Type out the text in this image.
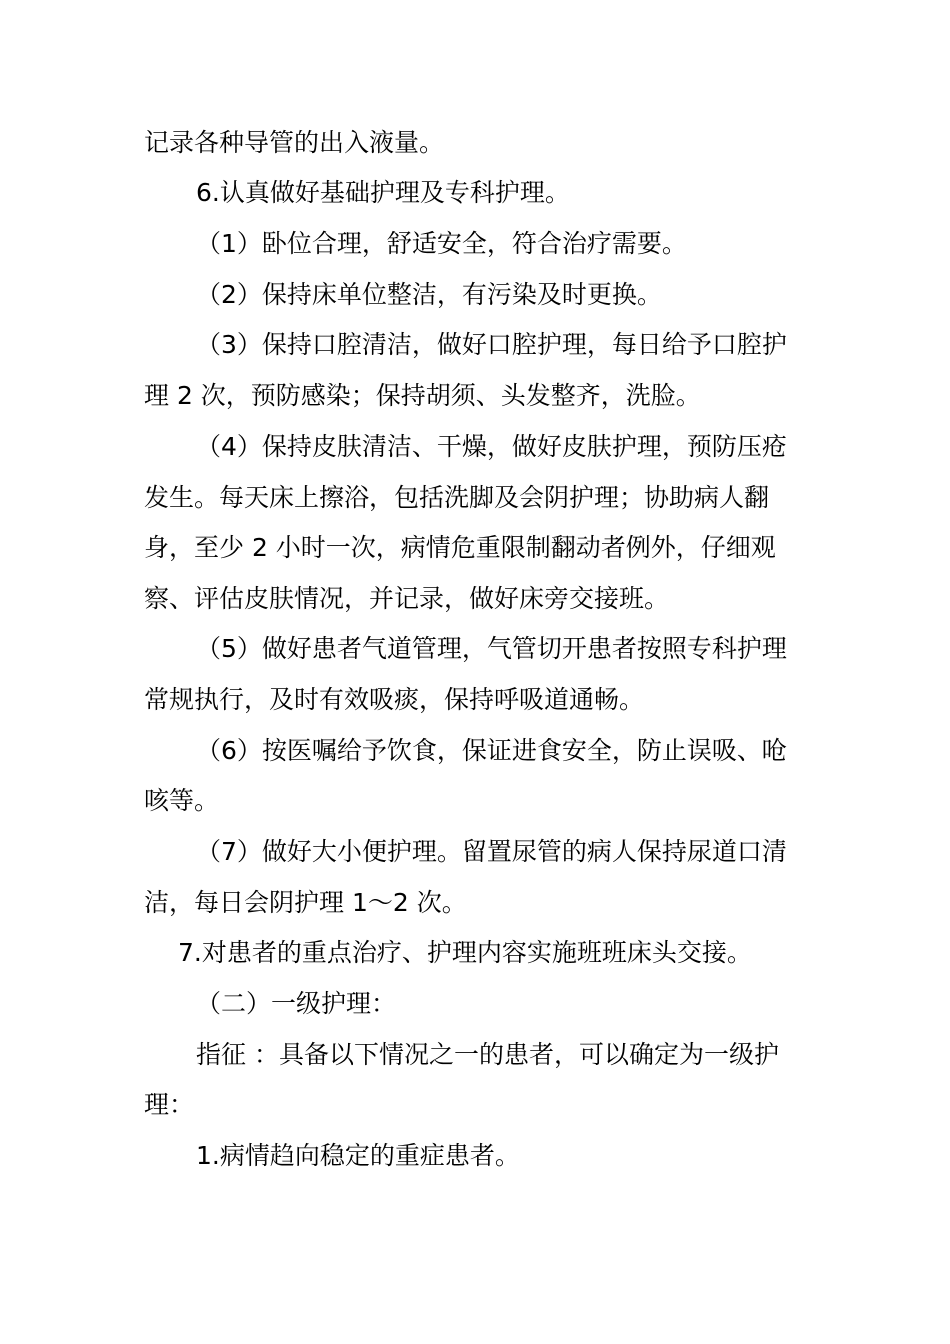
记录各种导管的出入液量。

6.认真做好基础护理及专科护理。

（1）卧位合理，舒适安全，符合治疗需要。

（2）保持床单位整洁，有污染及时更换。

（3）保持口腔清洁，做好口腔护理，每日给予口腔护

理 2 次，预防感染；保持胡须、头发整齐，洗脸。

（4）保持皮肤清洁、干燥，做好皮肤护理，预防压疮

发生。每天床上擦浴，包括洗脚及会阴护理；协助病人翻

身，至少 2 小时一次，病情危重限制翻动者例外，仔细观

察、评估皮肤情况，并记录，做好床旁交接班。

（5）做好患者气道管理，气管切开患者按照专科护理

常规执行，及时有效吸痰，保持呼吸道通畅。

（6）按医嘱给予饮食，保证进食安全，防止误吸、呛

咳等。

（7）做好大小便护理。留置尿管的病人保持尿道口清

洁，每日会阴护理 1～2 次。

7.对患者的重点治疗、护理内容实施班班床头交接。

（二）一级护理：

指征 ：具备以下情况之一的患者，可以确定为一级护

理：

1.病情趋向稳定的重症患者。
